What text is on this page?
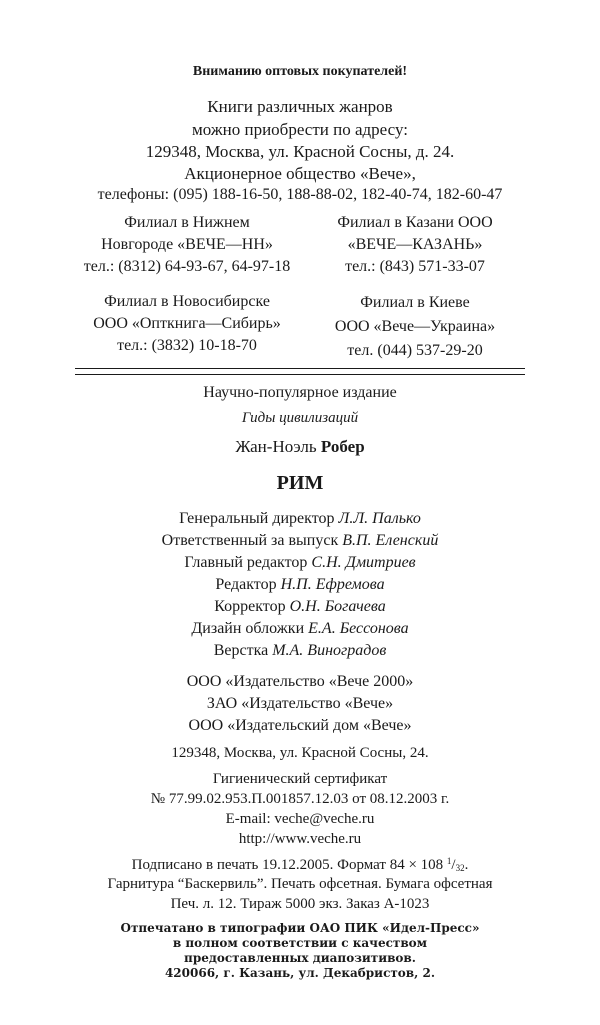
Вниманию оптовых покупателей!
Книги различных жанров
можно приобрести по адресу:
129348, Москва, ул. Красной Сосны, д. 24.
Акционерное общество «Вече»,
телефоны: (095) 188-16-50, 188-88-02, 182-40-74, 182-60-47
Филиал в Нижнем
Новгороде «ВЕЧЕ—НН»
тел.: (8312) 64-93-67, 64-97-18
Филиал в Казани ООО
«ВЕЧЕ—КАЗАНЬ»
тел.: (843) 571-33-07
Филиал в Новосибирске
ООО «Опткнига—Сибирь»
тел.: (3832) 10-18-70
Филиал в Киеве
ООО «Вече—Украина»
тел. (044) 537-29-20
Научно-популярное издание
Гиды цивилизаций
Жан-Ноэль Робер
РИМ
Генеральный директор Л.Л. Палько
Ответственный за выпуск В.П. Еленский
Главный редактор С.Н. Дмитриев
Редактор Н.П. Ефремова
Корректор О.Н. Богачева
Дизайн обложки Е.А. Бессонова
Верстка М.А. Виноградов
ООО «Издательство «Вече 2000»
ЗАО «Издательство «Вече»
ООО «Издательский дом «Вече»
129348, Москва, ул. Красной Сосны, 24.
Гигиенический сертификат
№ 77.99.02.953.П.001857.12.03 от 08.12.2003 г.
E-mail: veche@veche.ru
http://www.veche.ru
Подписано в печать 19.12.2005. Формат 84 × 108 $^1/_{32}$.
Гарнитура “Баскервиль”. Печать офсетная. Бумага офсетная
Печ. л. 12. Тираж 5000 экз. Заказ А-1023
Отпечатано в типографии ОАО ПИК «Идел-Пресс»
в полном соответствии с качеством
предоставленных диапозитивов.
420066, г. Казань, ул. Декабристов, 2.
